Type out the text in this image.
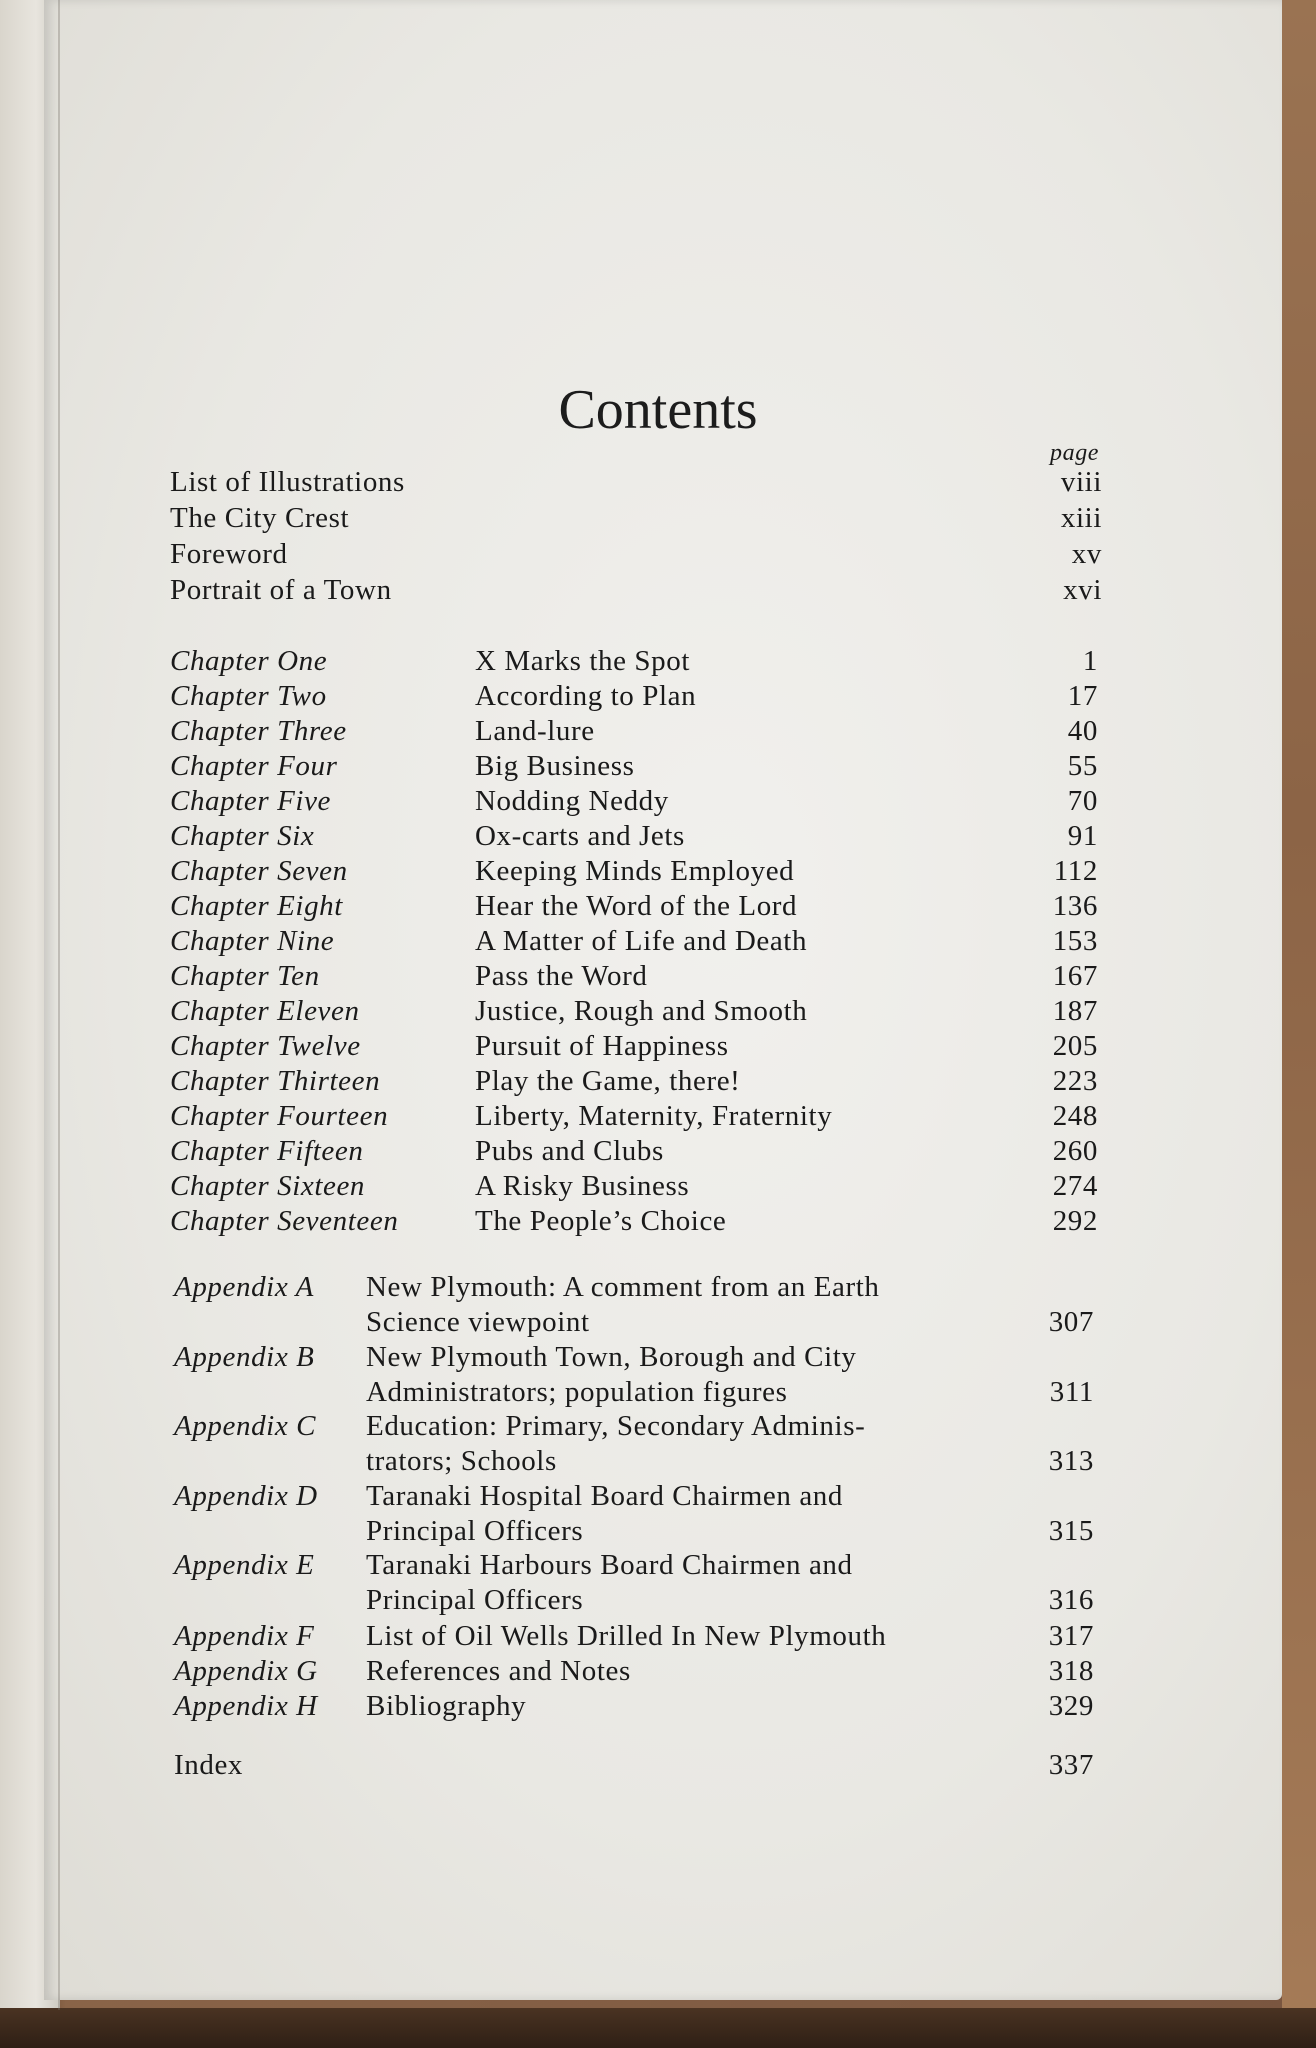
Contents
page
List of Illustrations	viii
The City Crest	xiii
Foreword	xv
Portrait of a Town	xvi
Chapter One	X Marks the Spot	1
Chapter Two	According to Plan	17
Chapter Three	Land-lure	40
Chapter Four	Big Business	55
Chapter Five	Nodding Neddy	70
Chapter Six	Ox-carts and Jets	91
Chapter Seven	Keeping Minds Employed	112
Chapter Eight	Hear the Word of the Lord	136
Chapter Nine	A Matter of Life and Death	153
Chapter Ten	Pass the Word	167
Chapter Eleven	Justice, Rough and Smooth	187
Chapter Twelve	Pursuit of Happiness	205
Chapter Thirteen	Play the Game, there!	223
Chapter Fourteen	Liberty, Maternity, Fraternity	248
Chapter Fifteen	Pubs and Clubs	260
Chapter Sixteen	A Risky Business	274
Chapter Seventeen	The People’s Choice	292
Appendix A New Plymouth: A comment from an Earth
Science viewpoint	307
Appendix B New Plymouth Town, Borough and City
Administrators; population figures	311
Appendix C Education: Primary, Secondary Adminis-
trators; Schools	313
Appendix D Taranaki Hospital Board Chairmen and
Principal Officers	315
Appendix E Taranaki Harbours Board Chairmen and
Principal Officers	316
Appendix F List of Oil Wells Drilled In New Plymouth	317
Appendix G References and Notes	318
Appendix H Bibliography	329
Index	337
